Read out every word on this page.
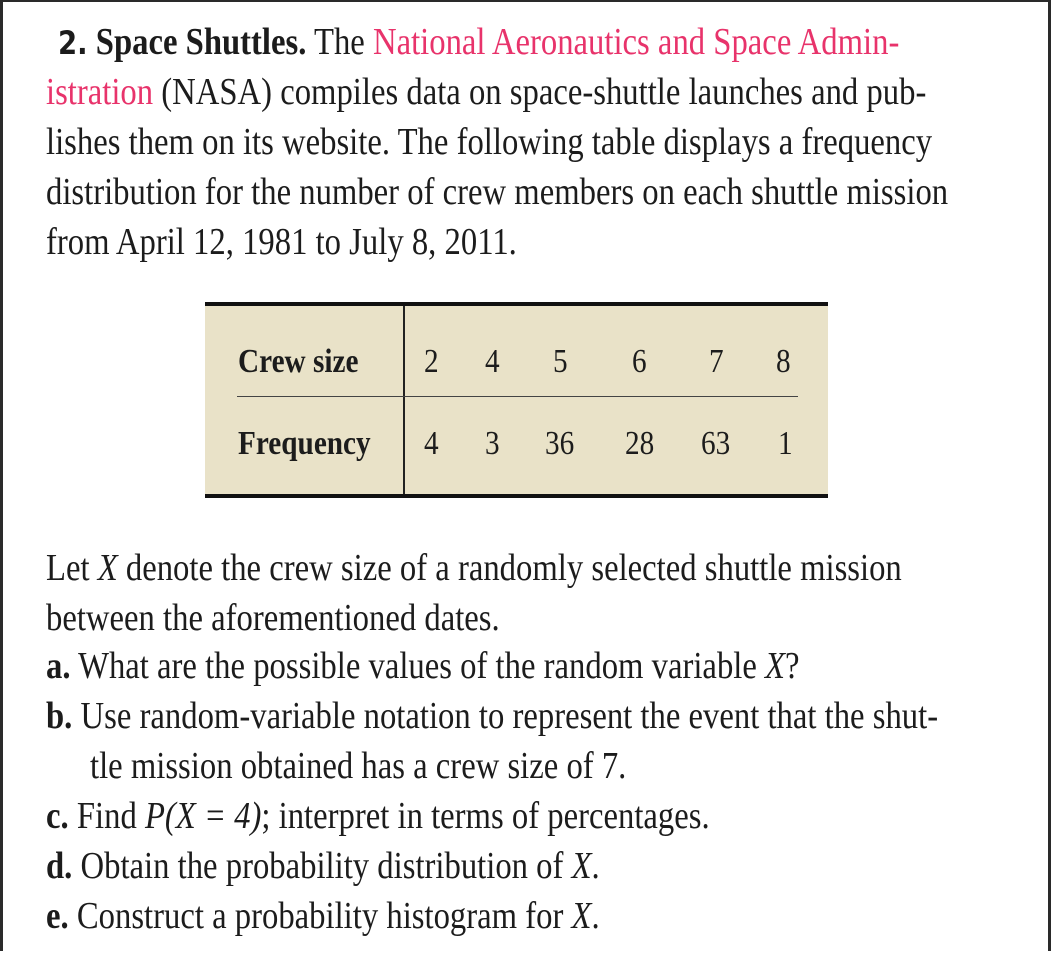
2. Space Shuttles. The National Aeronautics and Space Admin-
istration (NASA) compiles data on space-shuttle launches and pub-
lishes them on its website. The following table displays a frequency
distribution for the number of crew members on each shuttle mission
from April 12, 1981 to July 8, 2011.
Crew size 2 4 5 6 7 8
Frequency 4 3 36 28 63 1
Let X denote the crew size of a randomly selected shuttle mission
between the aforementioned dates.
a. What are the possible values of the random variable X?
b. Use random-variable notation to represent the event that the shut-
tle mission obtained has a crew size of 7.
c. Find P(X = 4); interpret in terms of percentages.
d. Obtain the probability distribution of X.
e. Construct a probability histogram for X.
